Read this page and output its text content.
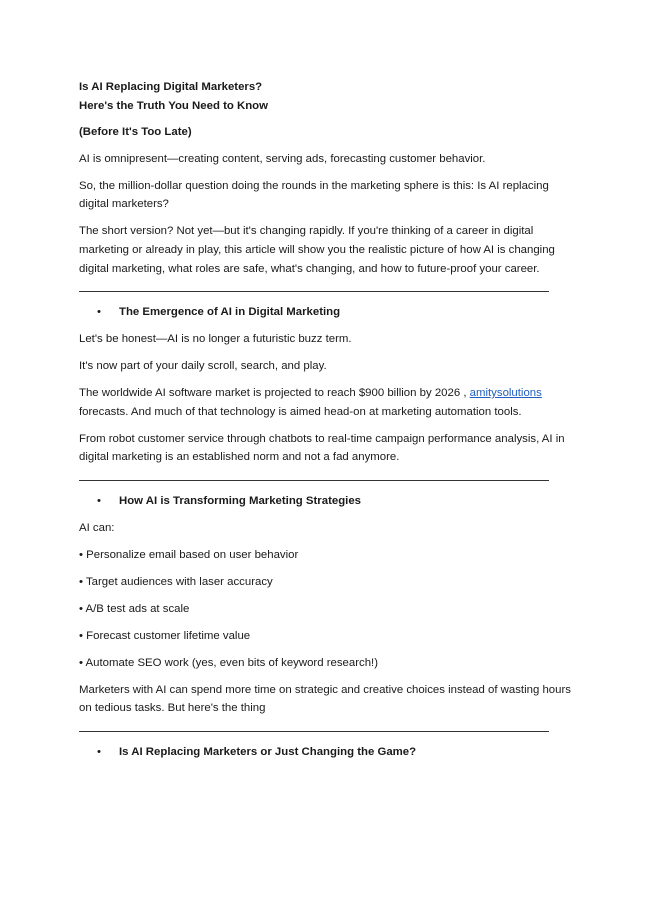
Is AI Replacing Digital Marketers?
Here's the Truth You Need to Know
(Before It's Too Late)

AI is omnipresent—creating content, serving ads, forecasting customer behavior.

So, the million-dollar question doing the rounds in the marketing sphere is this: Is AI replacing digital marketers?

The short version? Not yet—but it's changing rapidly. If you're thinking of a career in digital marketing or already in play, this article will show you the realistic picture of how AI is changing digital marketing, what roles are safe, what's changing, and how to future-proof your career.

•	The Emergence of AI in Digital Marketing

Let's be honest—AI is no longer a futuristic buzz term.

It's now part of your daily scroll, search, and play.

The worldwide AI software market is projected to reach $900 billion by 2026 , amitysolutions forecasts. And much of that technology is aimed head-on at marketing automation tools.

From robot customer service through chatbots to real-time campaign performance analysis, AI in digital marketing is an established norm and not a fad anymore.

•	How AI is Transforming Marketing Strategies

AI can:

• Personalize email based on user behavior

• Target audiences with laser accuracy

• A/B test ads at scale

• Forecast customer lifetime value

• Automate SEO work (yes, even bits of keyword research!)

Marketers with AI can spend more time on strategic and creative choices instead of wasting hours on tedious tasks. But here's the thing

•	Is AI Replacing Marketers or Just Changing the Game?
